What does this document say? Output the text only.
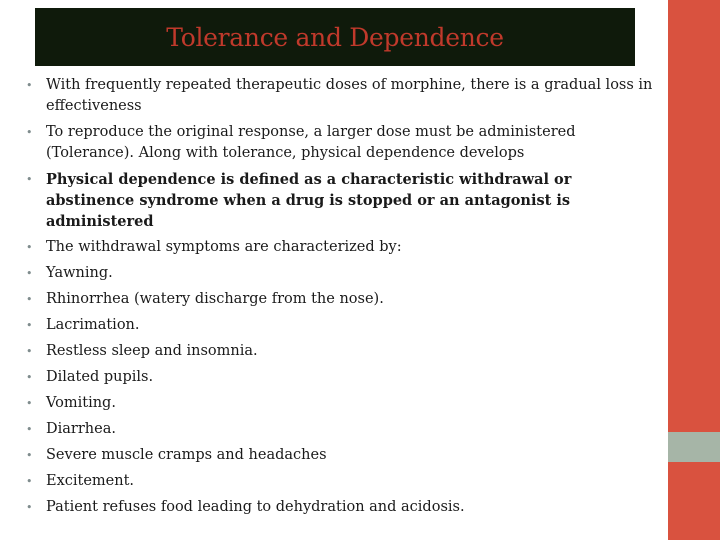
Tolerance and Dependence
• With frequently repeated therapeutic doses of morphine, there is a gradual loss in effectiveness
• To reproduce the original response, a larger dose must be administered (Tolerance). Along with tolerance, physical dependence develops
• Physical dependence is defined as a characteristic withdrawal or abstinence syndrome when a drug is stopped or an antagonist is administered
• The withdrawal symptoms are characterized by:
• Yawning.
• Rhinorrhea (watery discharge from the nose).
• Lacrimation.
• Restless sleep and insomnia.
• Dilated pupils.
• Vomiting.
• Diarrhea.
• Severe muscle cramps and headaches
• Excitement.
• Patient refuses food leading to dehydration and acidosis.
